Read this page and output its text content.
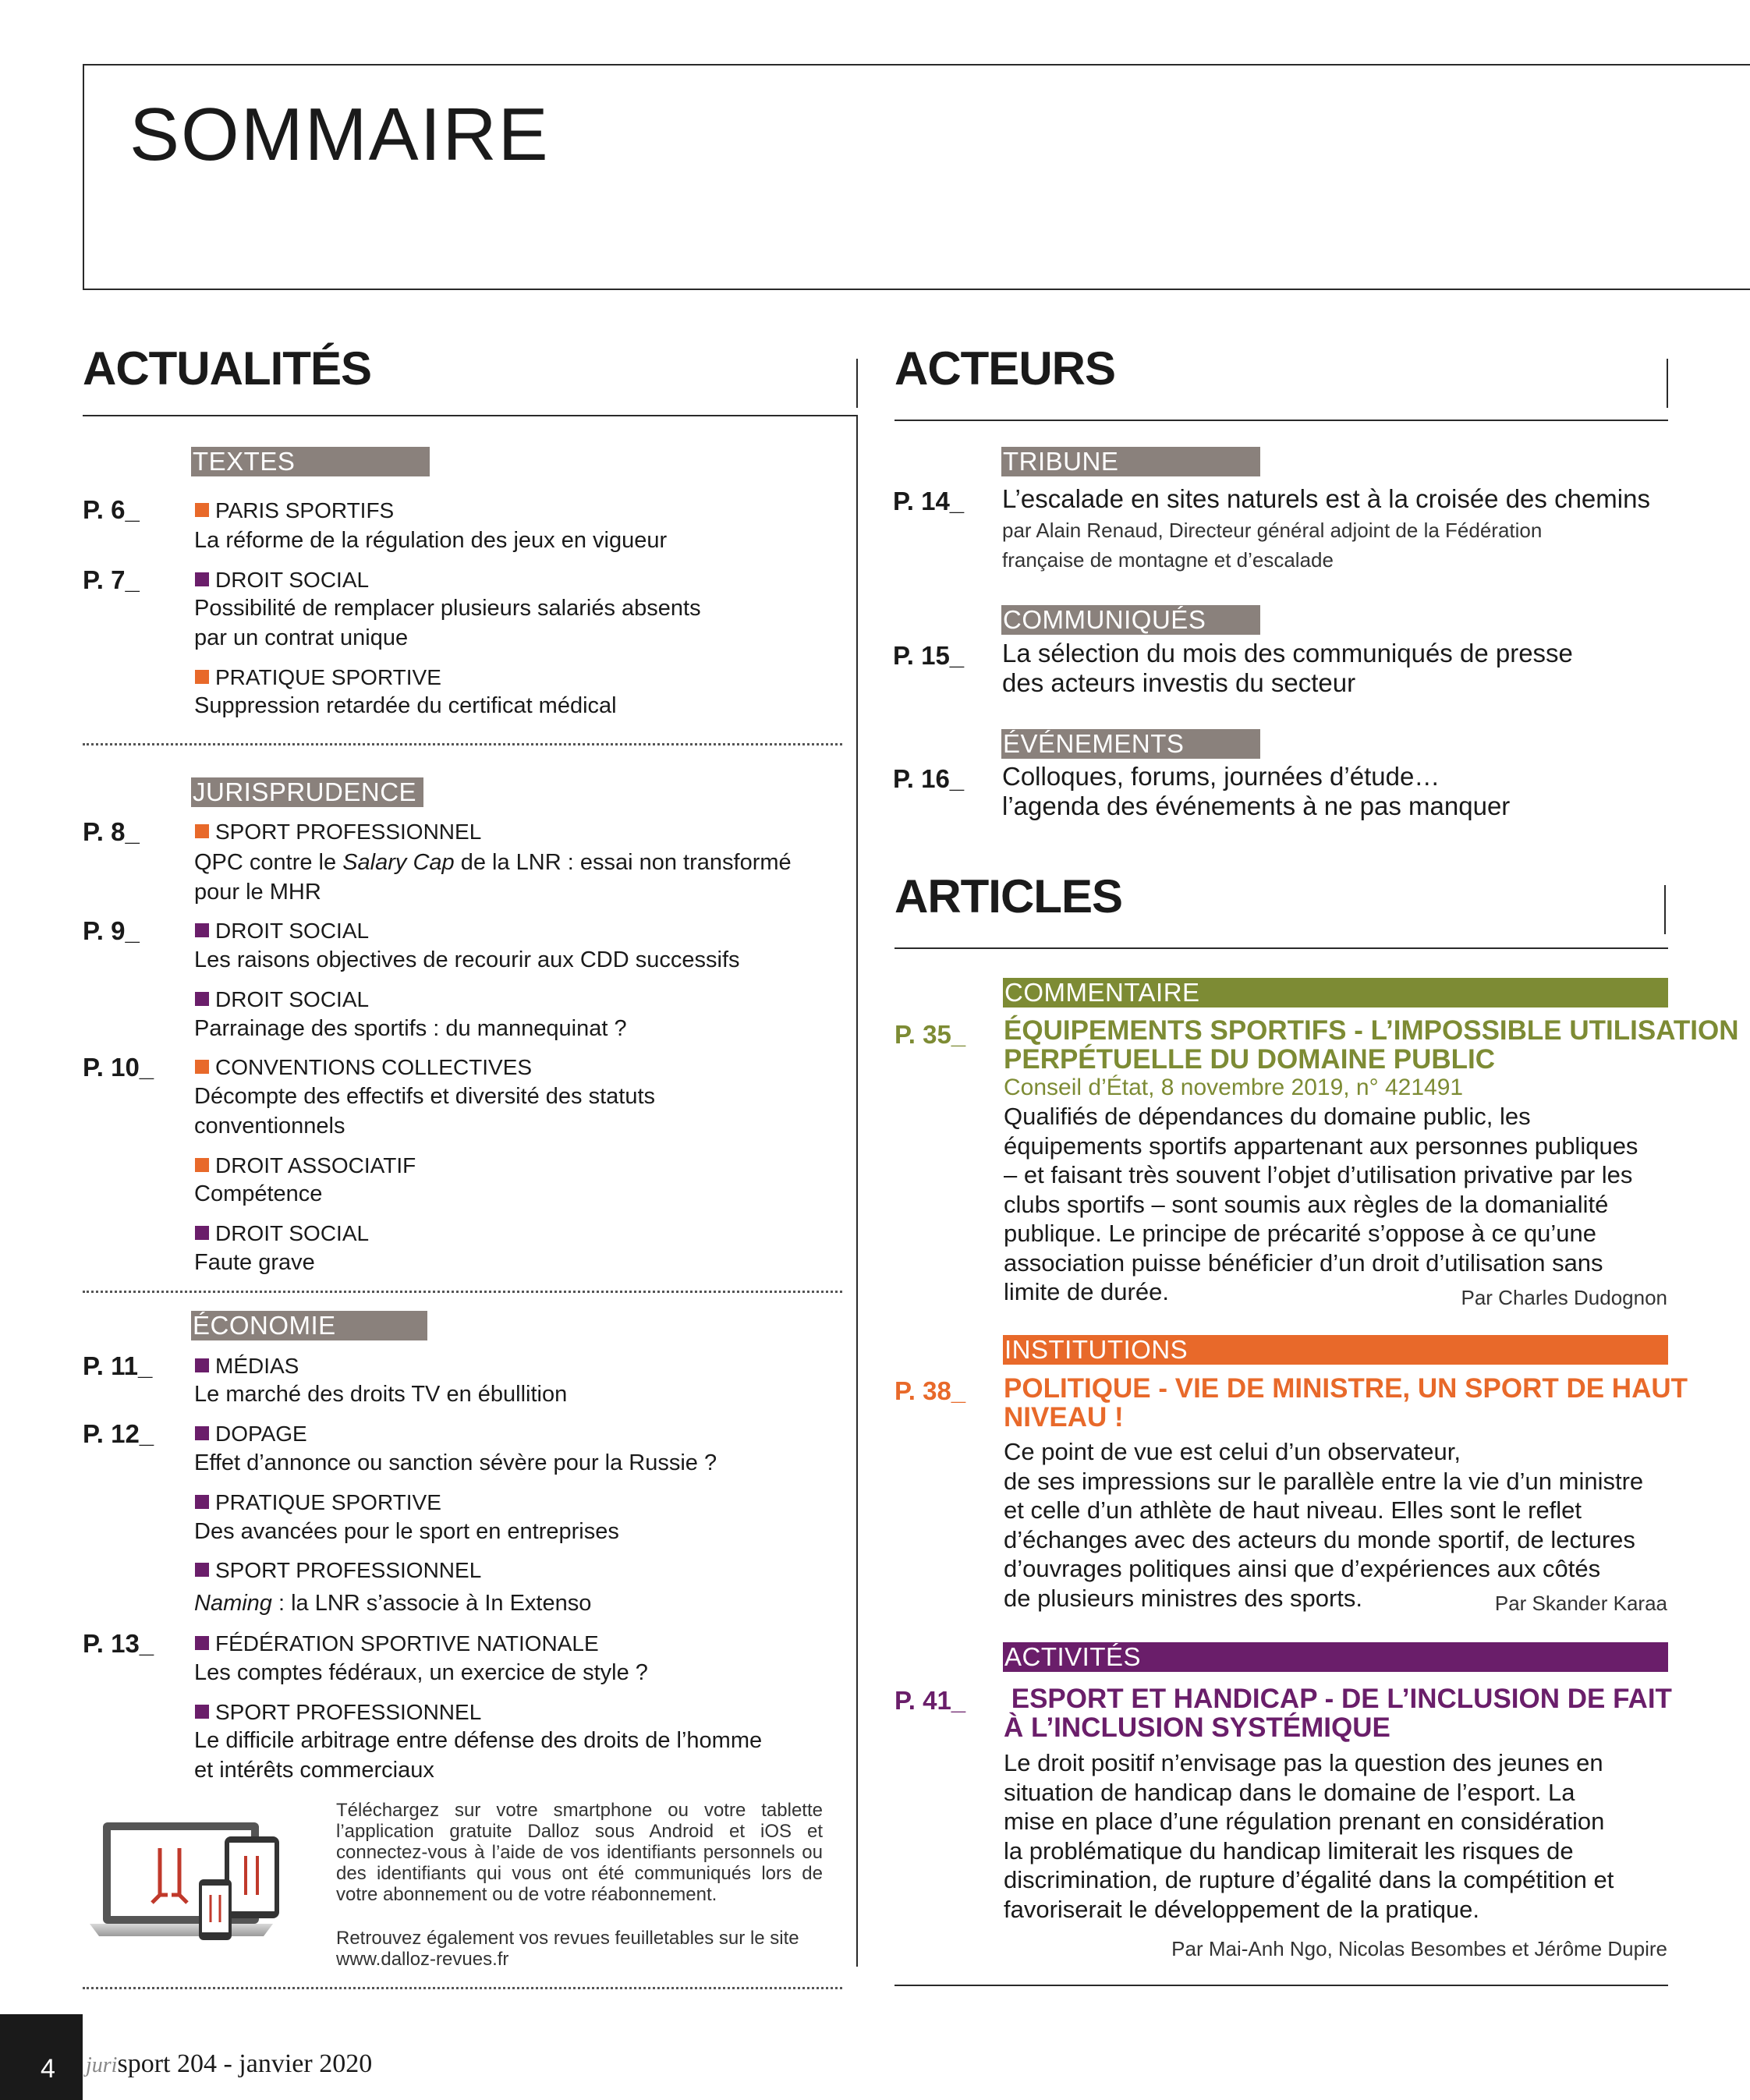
SOMMAIRE
ACTUALITÉS
TEXTES
P. 6_	PARIS SPORTIFS
La réforme de la régulation des jeux en vigueur
P. 7_	DROIT SOCIAL
Possibilité de remplacer plusieurs salariés absents
par un contrat unique
PRATIQUE SPORTIVE
Suppression retardée du certificat médical
JURISPRUDENCE
P. 8_	SPORT PROFESSIONNEL
QPC contre le Salary Cap de la LNR : essai non transformé
pour le MHR
P. 9_	DROIT SOCIAL
Les raisons objectives de recourir aux CDD successifs
DROIT SOCIAL
Parrainage des sportifs : du mannequinat ?
P. 10_	CONVENTIONS COLLECTIVES
Décompte des effectifs et diversité des statuts
conventionnels
DROIT ASSOCIATIF
Compétence
DROIT SOCIAL
Faute grave
ÉCONOMIE
P. 11_	MÉDIAS
Le marché des droits TV en ébullition
P. 12_	DOPAGE
Effet d’annonce ou sanction sévère pour la Russie ?
PRATIQUE SPORTIVE
Des avancées pour le sport en entreprises
SPORT PROFESSIONNEL
Naming : la LNR s’associe à In Extenso
P. 13_	FÉDÉRATION SPORTIVE NATIONALE
Les comptes fédéraux, un exercice de style ?
SPORT PROFESSIONNEL
Le difficile arbitrage entre défense des droits de l’homme
et intérêts commerciaux
Téléchargez sur votre smartphone ou votre tablette l’application gratuite Dalloz sous Android et iOS et connectez-vous à l’aide de vos identifiants personnels ou des identifiants qui vous ont été communiqués lors de votre abonnement ou de votre réabonnement.
Retrouvez également vos revues feuilletables sur le site
www.dalloz-revues.fr
ACTEURS
TRIBUNE
P. 14_ L’escalade en sites naturels est à la croisée des chemins
par Alain Renaud, Directeur général adjoint de la Fédération
française de montagne et d’escalade
COMMUNIQUÉS
P. 15_ La sélection du mois des communiqués de presse
des acteurs investis du secteur
ÉVÉNEMENTS
P. 16_ Colloques, forums, journées d’étude…
l’agenda des événements à ne pas manquer
ARTICLES
COMMENTAIRE
P. 35_ ÉQUIPEMENTS SPORTIFS - L’IMPOSSIBLE UTILISATION
PERPÉTUELLE DU DOMAINE PUBLIC
Conseil d’État, 8 novembre 2019, n° 421491
Qualifiés de dépendances du domaine public, les
équipements sportifs appartenant aux personnes publiques
– et faisant très souvent l’objet d’utilisation privative par les
clubs sportifs – sont soumis aux règles de la domanialité
publique. Le principe de précarité s’oppose à ce qu’une
association puisse bénéficier d’un droit d’utilisation sans
limite de durée.	Par Charles Dudognon
INSTITUTIONS
P. 38_ POLITIQUE - VIE DE MINISTRE, UN SPORT DE HAUT
NIVEAU !
Ce point de vue est celui d’un observateur,
de ses impressions sur le parallèle entre la vie d’un ministre
et celle d’un athlète de haut niveau. Elles sont le reflet
d’échanges avec des acteurs du monde sportif, de lectures
d’ouvrages politiques ainsi que d’expériences aux côtés
de plusieurs ministres des sports.	Par Skander Karaa
ACTIVITÉS
P. 41_ ESPORT ET HANDICAP - DE L’INCLUSION DE FAIT
À L’INCLUSION SYSTÉMIQUE
Le droit positif n’envisage pas la question des jeunes en
situation de handicap dans le domaine de l’esport. La
mise en place d’une régulation prenant en considération
la problématique du handicap limiterait les risques de
discrimination, de rupture d’égalité dans la compétition et
favoriserait le développement de la pratique.
Par Mai-Anh Ngo, Nicolas Besombes et Jérôme Dupire
4 jurisport 204 - janvier 2020
